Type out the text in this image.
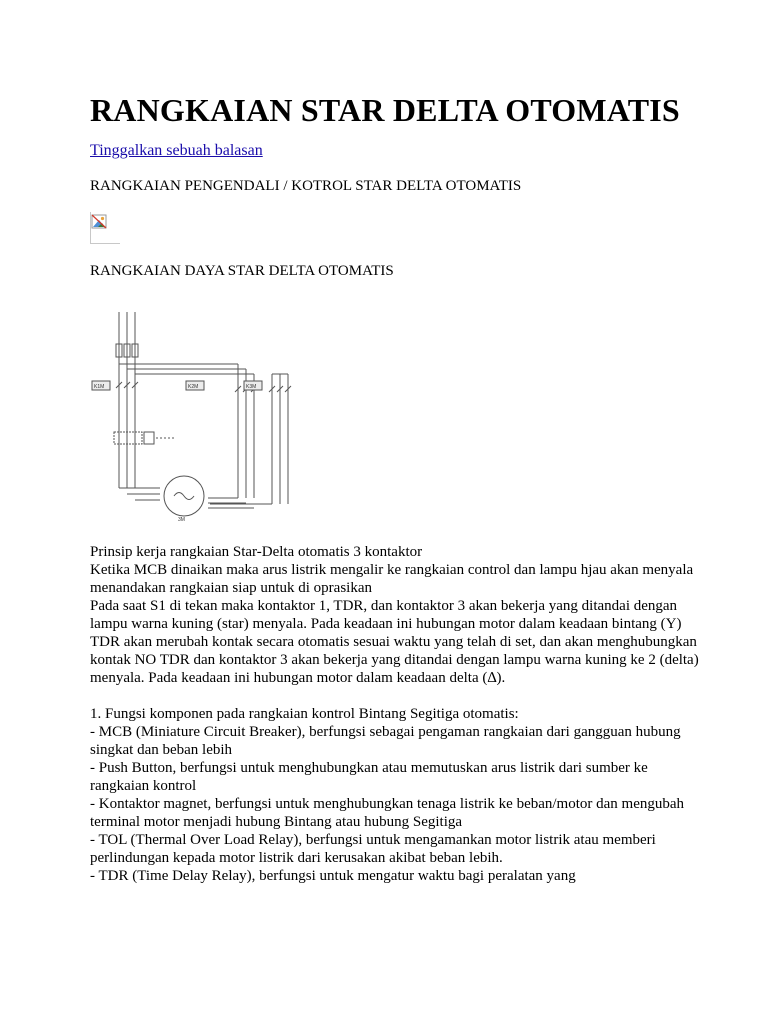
RANGKAIAN STAR DELTA OTOMATIS
Tinggalkan sebuah balasan
RANGKAIAN PENGENDALI / KOTROL STAR DELTA OTOMATIS
RANGKAIAN DAYA STAR DELTA OTOMATIS
K1M	K2M	K3M
3M

Prinsip kerja rangkaian Star-Delta otomatis 3 kontaktor

Ketika MCB dinaikan maka arus listrik mengalir ke rangkaian control dan lampu hjau akan menyala menandakan rangkaian siap untuk di oprasikan

Pada saat S1 di tekan maka kontaktor 1, TDR, dan kontaktor 3 akan bekerja yang ditandai dengan lampu warna kuning (star) menyala. Pada keadaan ini hubungan motor dalam keadaan bintang (Y)

TDR akan merubah kontak secara otomatis sesuai waktu yang telah di set, dan akan menghubungkan kontak NO TDR dan kontaktor 3 akan bekerja yang ditandai dengan lampu warna kuning ke 2 (delta) menyala. Pada keadaan ini hubungan motor dalam keadaan delta (∆).

1. Fungsi komponen pada rangkaian kontrol Bintang Segitiga otomatis:

- MCB (Miniature Circuit Breaker), berfungsi sebagai pengaman rangkaian dari gangguan hubung singkat dan beban lebih

- Push Button, berfungsi untuk menghubungkan atau memutuskan arus listrik dari sumber ke rangkaian kontrol

- Kontaktor magnet, berfungsi untuk menghubungkan tenaga listrik ke beban/motor dan mengubah terminal motor menjadi hubung Bintang atau hubung Segitiga

- TOL (Thermal Over Load Relay), berfungsi untuk mengamankan motor listrik atau memberi perlindungan kepada motor listrik dari kerusakan akibat beban lebih.

- TDR (Time Delay Relay), berfungsi untuk mengatur waktu bagi peralatan yang
